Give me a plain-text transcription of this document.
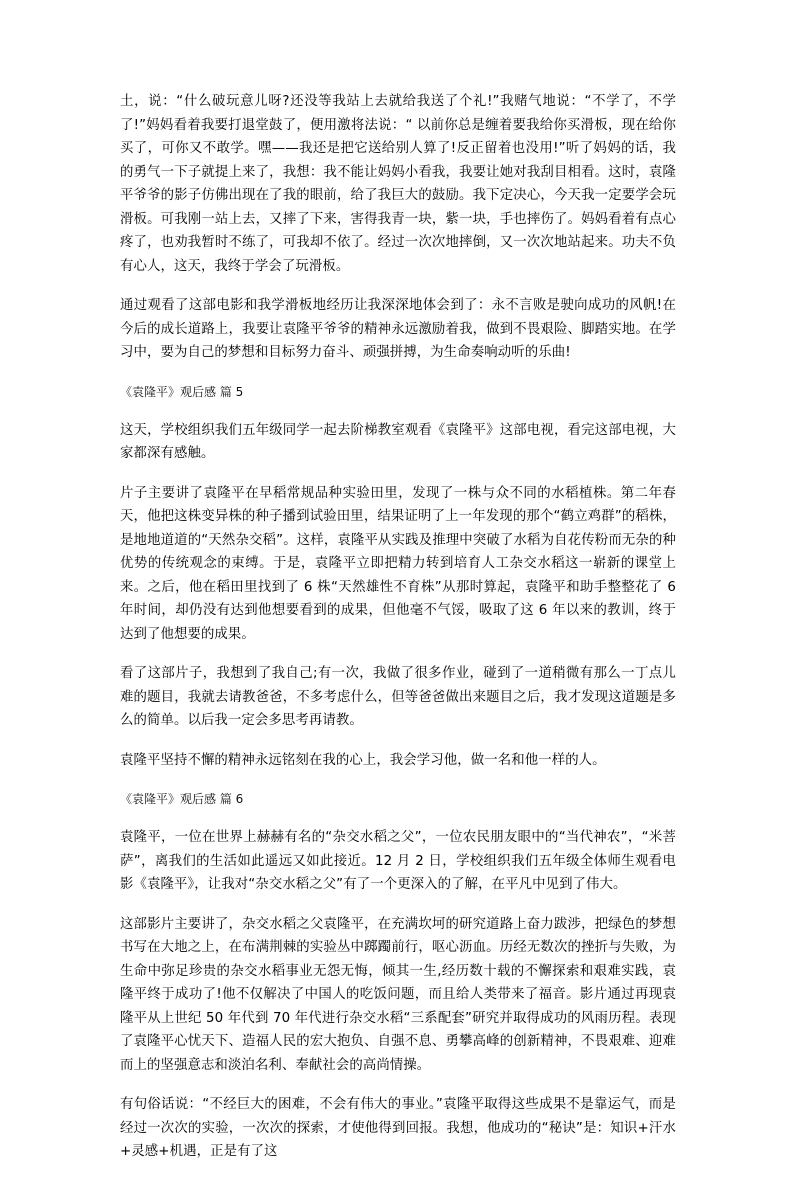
土，说：“什么破玩意儿呀?还没等我站上去就给我送了个礼!”我赌气地说：“不学了，不学了!”妈妈看着我要打退堂鼓了，便用激将法说：“ 以前你总是缠着要我给你买滑板，现在给你买了，可你又不敢学。嘿——我还是把它送给别人算了!反正留着也没用!”听了妈妈的话，我的勇气一下子就提上来了，我想：我不能让妈妈小看我，我要让她对我刮目相看。这时，袁隆平爷爷的影子仿佛出现在了我的眼前，给了我巨大的鼓励。我下定决心，今天我一定要学会玩滑板。可我刚一站上去，又摔了下来，害得我青一块，紫一块，手也摔伤了。妈妈看着有点心疼了，也劝我暂时不练了，可我却不依了。经过一次次地摔倒，又一次次地站起来。功夫不负有心人，这天，我终于学会了玩滑板。

通过观看了这部电影和我学滑板地经历让我深深地体会到了：永不言败是驶向成功的风帆!在今后的成长道路上，我要让袁隆平爷爷的精神永远激励着我，做到不畏艰险、脚踏实地。在学习中，要为自己的梦想和目标努力奋斗、顽强拼搏，为生命奏响动听的乐曲!

《袁隆平》观后感 篇 5

这天，学校组织我们五年级同学一起去阶梯教室观看《袁隆平》这部电视，看完这部电视，大家都深有感触。

片子主要讲了袁隆平在早稻常规品种实验田里，发现了一株与众不同的水稻植株。第二年春天，他把这株变异株的种子播到试验田里，结果证明了上一年发现的那个“鹤立鸡群”的稻株，是地地道道的“天然杂交稻”。这样，袁隆平从实践及推理中突破了水稻为自花传粉而无杂的种优势的传统观念的束缚。于是，袁隆平立即把精力转到培育人工杂交水稻这一崭新的课堂上来。之后，他在稻田里找到了 6 株“天然雄性不育株”从那时算起，袁隆平和助手整整花了 6 年时间，却仍没有达到他想要看到的成果，但他毫不气馁，吸取了这 6 年以来的教训，终于达到了他想要的成果。

看了这部片子，我想到了我自己;有一次，我做了很多作业，碰到了一道稍微有那么一丁点儿难的题目，我就去请教爸爸，不多考虑什么，但等爸爸做出来题目之后，我才发现这道题是多么的简单。以后我一定会多思考再请教。

袁隆平坚持不懈的精神永远铭刻在我的心上，我会学习他，做一名和他一样的人。

《袁隆平》观后感 篇 6

袁隆平，一位在世界上赫赫有名的“杂交水稻之父”，一位农民朋友眼中的“当代神农”，“米菩萨”，离我们的生活如此遥远又如此接近。12 月 2 日，学校组织我们五年级全体师生观看电影《袁隆平》，让我对“杂交水稻之父”有了一个更深入的了解，在平凡中见到了伟大。

这部影片主要讲了，杂交水稻之父袁隆平，在充满坎坷的研究道路上奋力跋涉，把绿色的梦想书写在大地之上，在布满荆棘的实验丛中踯躅前行，呕心沥血。历经无数次的挫折与失败，为生命中弥足珍贵的杂交水稻事业无怨无悔，倾其一生,经历数十载的不懈探索和艰难实践，袁隆平终于成功了!他不仅解决了中国人的吃饭问题，而且给人类带来了福音。影片通过再现袁隆平从上世纪 50 年代到 70 年代进行杂交水稻“三系配套”研究并取得成功的风雨历程。表现了袁隆平心忧天下、造福人民的宏大抱负、自强不息、勇攀高峰的创新精神，不畏艰难、迎难而上的坚强意志和淡泊名利、奉献社会的高尚情操。

有句俗话说：“不经巨大的困难，不会有伟大的事业。”袁隆平取得这些成果不是靠运气，而是经过一次次的实验，一次次的探索，才使他得到回报。我想，他成功的“秘诀”是：知识+汗水+灵感+机遇，正是有了这
